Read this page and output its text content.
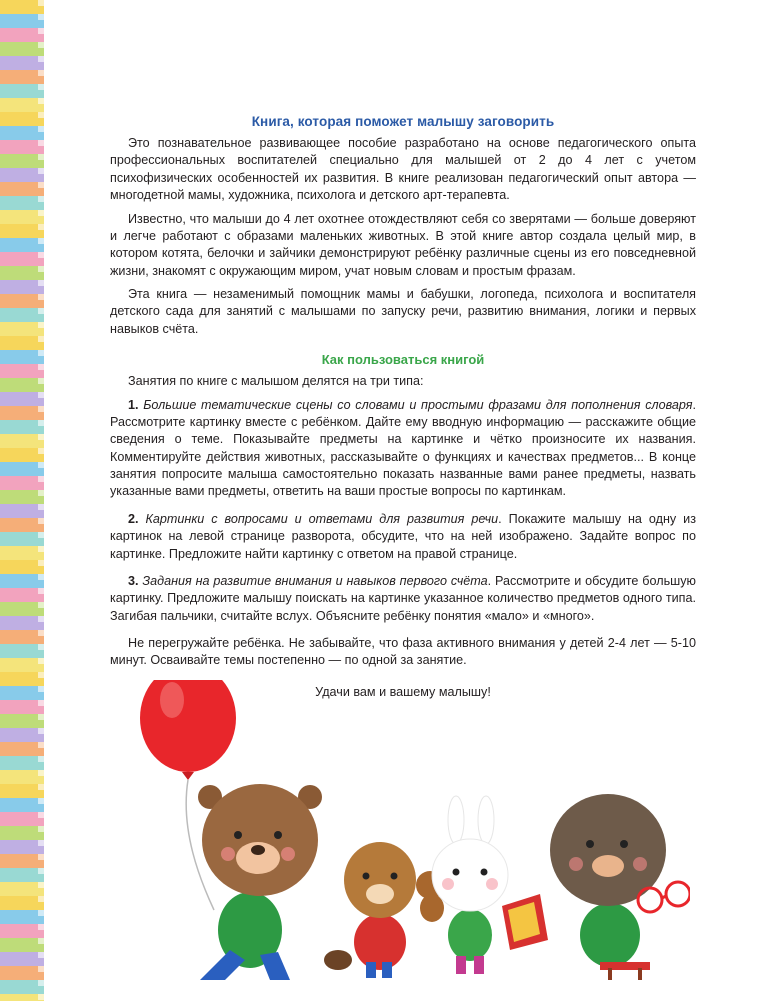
Книга, которая поможет малышу заговорить

Это познавательное развивающее пособие разработано на основе педагогического опыта профессиональных воспитателей специально для малышей от 2 до 4 лет с учетом психофизических особенностей их развития. В книге реализован педагогический опыт автора — многодетной мамы, художника, психолога и детского арт-терапевта.

Известно, что малыши до 4 лет охотнее отождествляют себя со зверятами — больше доверяют и легче работают с образами маленьких животных. В этой книге автор создала целый мир, в котором котята, белочки и зайчики демонстрируют ребёнку различные сцены из его повседневной жизни, знакомят с окружающим миром, учат новым словам и простым фразам.

Эта книга — незаменимый помощник мамы и бабушки, логопеда, психолога и воспитателя детского сада для занятий с малышами по запуску речи, развитию внимания, логики и первых навыков счёта.

Как пользоваться книгой

Занятия по книге с малышом делятся на три типа:

1. Большие тематические сцены со словами и простыми фразами для пополнения словаря. Рассмотрите картинку вместе с ребёнком. Дайте ему вводную информацию — расскажите общие сведения о теме. Показывайте предметы на картинке и чётко произносите их названия. Комментируйте действия животных, рассказывайте о функциях и качествах предметов... В конце занятия попросите малыша самостоятельно показать названные вами ранее предметы, назвать указанные вами предметы, ответить на ваши простые вопросы по картинкам.

2. Картинки с вопросами и ответами для развития речи. Покажите малышу на одну из картинок на левой странице разворота, обсудите, что на ней изображено. Задайте вопрос по картинке. Предложите найти картинку с ответом на правой странице.

3. Задания на развитие внимания и навыков первого счёта. Рассмотрите и обсудите большую картинку. Предложите малышу поискать на картинке указанное количество предметов одного типа. Загибая пальчики, считайте вслух. Объясните ребёнку понятия «мало» и «много».

Не перегружайте ребёнка. Не забывайте, что фаза активного внимания у детей 2-4 лет — 5-10 минут. Осваивайте темы постепенно — по одной за занятие.

Удачи вам и вашему малышу!
